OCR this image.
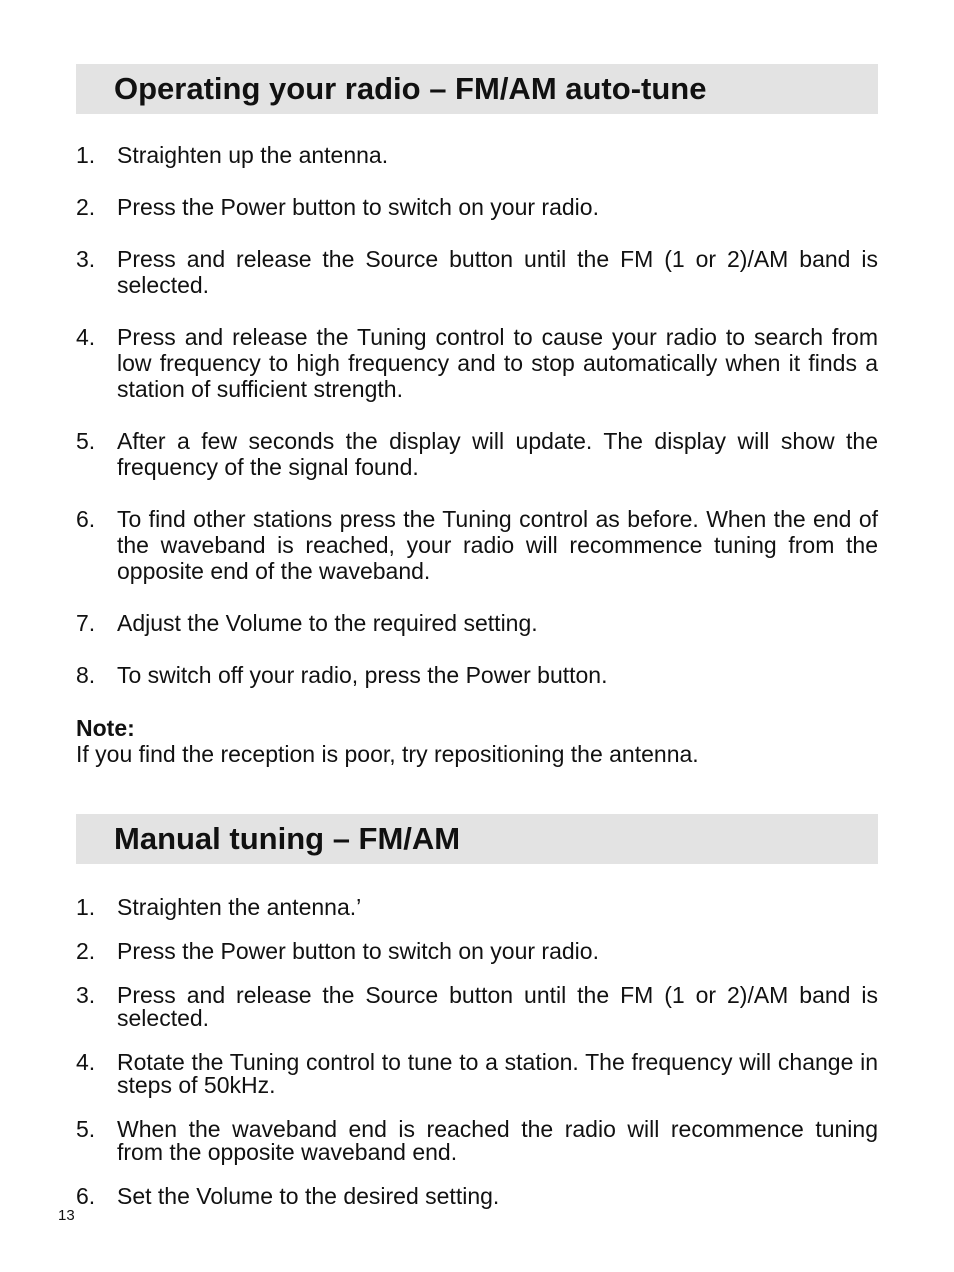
Operating your radio – FM/AM auto-tune
1. Straighten up the antenna.
2. Press the Power button to switch on your radio.
3. Press and release the Source button until the FM (1 or 2)/AM band is selected.
4. Press and release the Tuning control to cause your radio to search from low frequency to high frequency and to stop automatically when it finds a station of sufficient strength.
5. After a few seconds the display will update. The display will show the frequency of the signal found.
6. To find other stations press the Tuning control as before. When the end of the waveband is reached, your radio will recommence tuning from the opposite end of the waveband.
7. Adjust the Volume to the required setting.
8. To switch off your radio, press the Power button.
Note:
If you find the reception is poor, try repositioning the antenna.
Manual tuning – FM/AM
1. Straighten the antenna.’
2. Press the Power button to switch on your radio.
3. Press and release the Source button until the FM (1 or 2)/AM band is selected.
4. Rotate the Tuning control to tune to a station. The frequency will change in steps of 50kHz.
5. When the waveband end is reached the radio will recommence tuning from the opposite waveband end.
6. Set the Volume to the desired setting.
13
